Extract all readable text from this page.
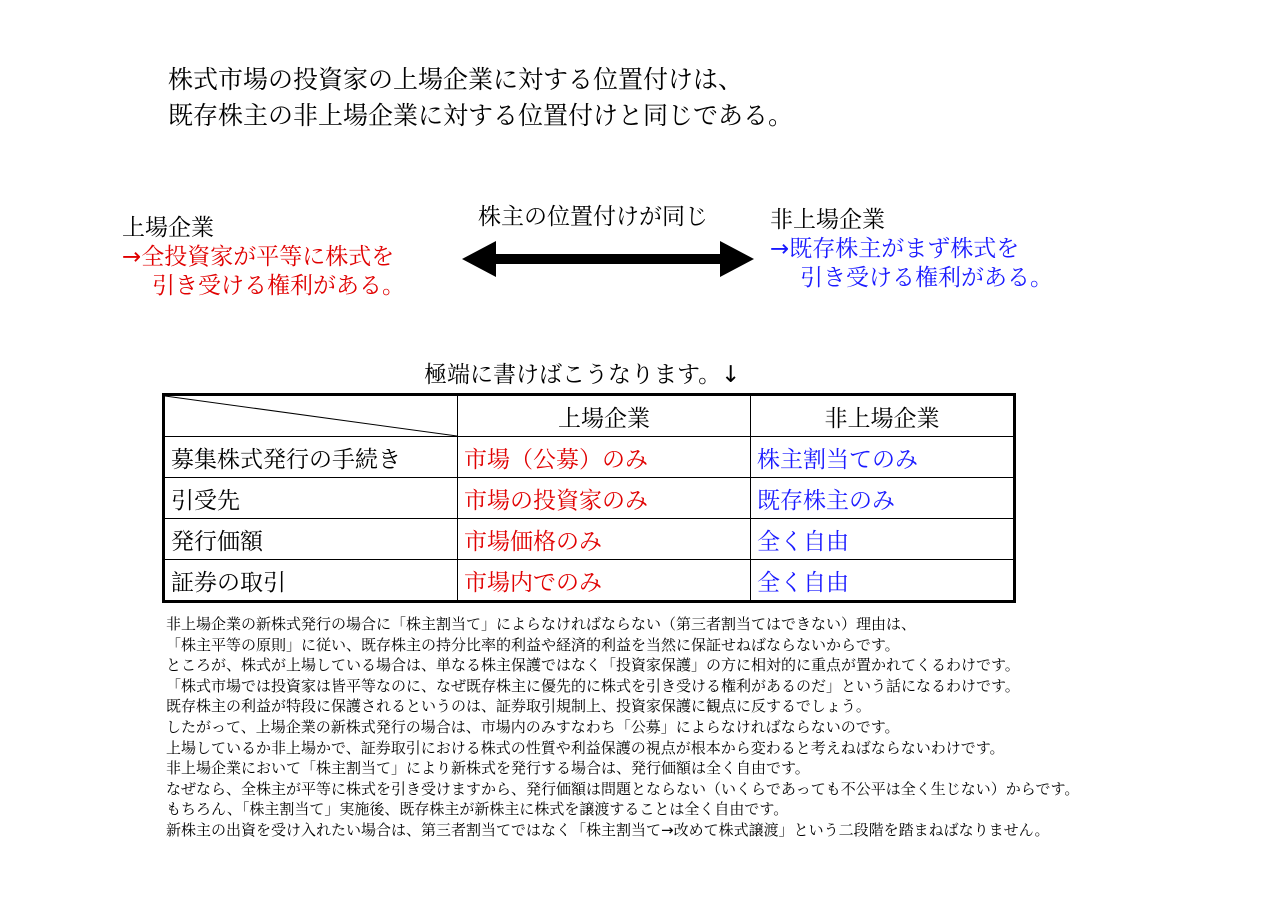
株式市場の投資家の上場企業に対する位置付けは、
既存株主の非上場企業に対する位置付けと同じである。
上場企業
→全投資家が平等に株式を
引き受ける権利がある。
株主の位置付けが同じ	非上場企業
→既存株主がまず株式を
引き受ける権利がある。
極端に書けばこうなります。↓
	上場企業	非上場企業
募集株式発行の手続き	市場（公募）のみ	株主割当てのみ
引受先	市場の投資家のみ	既存株主のみ
発行価額	市場価格のみ	全く自由
証券の取引	市場内でのみ	全く自由
非上場企業の新株式発行の場合に「株主割当て」によらなければならない（第三者割当てはできない）理由は、
「株主平等の原則」に従い、既存株主の持分比率的利益や経済的利益を当然に保証せねばならないからです。
ところが、株式が上場している場合は、単なる株主保護ではなく「投資家保護」の方に相対的に重点が置かれてくるわけです。
「株式市場では投資家は皆平等なのに、なぜ既存株主に優先的に株式を引き受ける権利があるのだ」という話になるわけです。
既存株主の利益が特段に保護されるというのは、証券取引規制上、投資家保護に観点に反するでしょう。
したがって、上場企業の新株式発行の場合は、市場内のみすなわち「公募」によらなければならないのです。
上場しているか非上場かで、証券取引における株式の性質や利益保護の視点が根本から変わると考えねばならないわけです。
非上場企業において「株主割当て」により新株式を発行する場合は、発行価額は全く自由です。
なぜなら、全株主が平等に株式を引き受けますから、発行価額は問題とならない（いくらであっても不公平は全く生じない）からです。
もちろん、「株主割当て」実施後、既存株主が新株主に株式を譲渡することは全く自由です。
新株主の出資を受け入れたい場合は、第三者割当てではなく「株主割当て→改めて株式譲渡」という二段階を踏まねばなりません。
